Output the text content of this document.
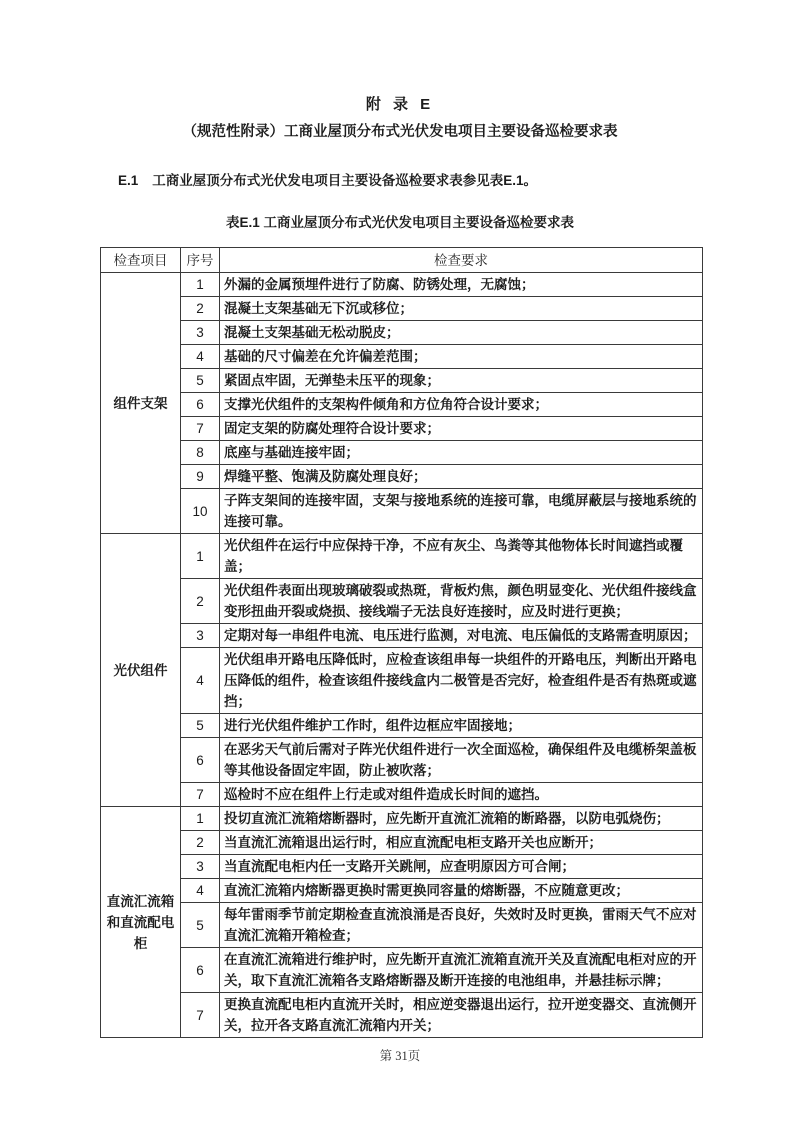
附 录 E
（规范性附录）工商业屋顶分布式光伏发电项目主要设备巡检要求表
E.1 工商业屋顶分布式光伏发电项目主要设备巡检要求表参见表E.1。
表E.1 工商业屋顶分布式光伏发电项目主要设备巡检要求表
检查项目	序号	检查要求
组件支架	1	外漏的金属预埋件进行了防腐、防锈处理，无腐蚀；
	2	混凝土支架基础无下沉或移位；
	3	混凝土支架基础无松动脱皮；
	4	基础的尺寸偏差在允许偏差范围；
	5	紧固点牢固，无弹垫未压平的现象；
	6	支撑光伏组件的支架构件倾角和方位角符合设计要求；
	7	固定支架的防腐处理符合设计要求；
	8	底座与基础连接牢固；
	9	焊缝平整、饱满及防腐处理良好；
	10	子阵支架间的连接牢固，支架与接地系统的连接可靠，电缆屏蔽层与接地系统的连接可靠。
光伏组件	1	光伏组件在运行中应保持干净，不应有灰尘、鸟粪等其他物体长时间遮挡或覆盖；
	2	光伏组件表面出现玻璃破裂或热斑，背板灼焦，颜色明显变化、光伏组件接线盒变形扭曲开裂或烧损、接线端子无法良好连接时，应及时进行更换；
	3	定期对每一串组件电流、电压进行监测，对电流、电压偏低的支路需查明原因；
	4	光伏组串开路电压降低时，应检查该组串每一块组件的开路电压，判断出开路电压降低的组件，检查该组件接线盒内二极管是否完好，检查组件是否有热斑或遮挡；
	5	进行光伏组件维护工作时，组件边框应牢固接地；
	6	在恶劣天气前后需对子阵光伏组件进行一次全面巡检，确保组件及电缆桥架盖板等其他设备固定牢固，防止被吹落；
	7	巡检时不应在组件上行走或对组件造成长时间的遮挡。
直流汇流箱和直流配电柜	1	投切直流汇流箱熔断器时，应先断开直流汇流箱的断路器，以防电弧烧伤；
	2	当直流汇流箱退出运行时，相应直流配电柜支路开关也应断开；
	3	当直流配电柜内任一支路开关跳闸，应查明原因方可合闸；
	4	直流汇流箱内熔断器更换时需更换同容量的熔断器，不应随意更改；
	5	每年雷雨季节前定期检查直流浪涌是否良好，失效时及时更换，雷雨天气不应对直流汇流箱开箱检查；
	6	在直流汇流箱进行维护时，应先断开直流汇流箱直流开关及直流配电柜对应的开关，取下直流汇流箱各支路熔断器及断开连接的电池组串，并悬挂标示牌；
	7	更换直流配电柜内直流开关时，相应逆变器退出运行，拉开逆变器交、直流侧开关，拉开各支路直流汇流箱内开关；
第 31页
